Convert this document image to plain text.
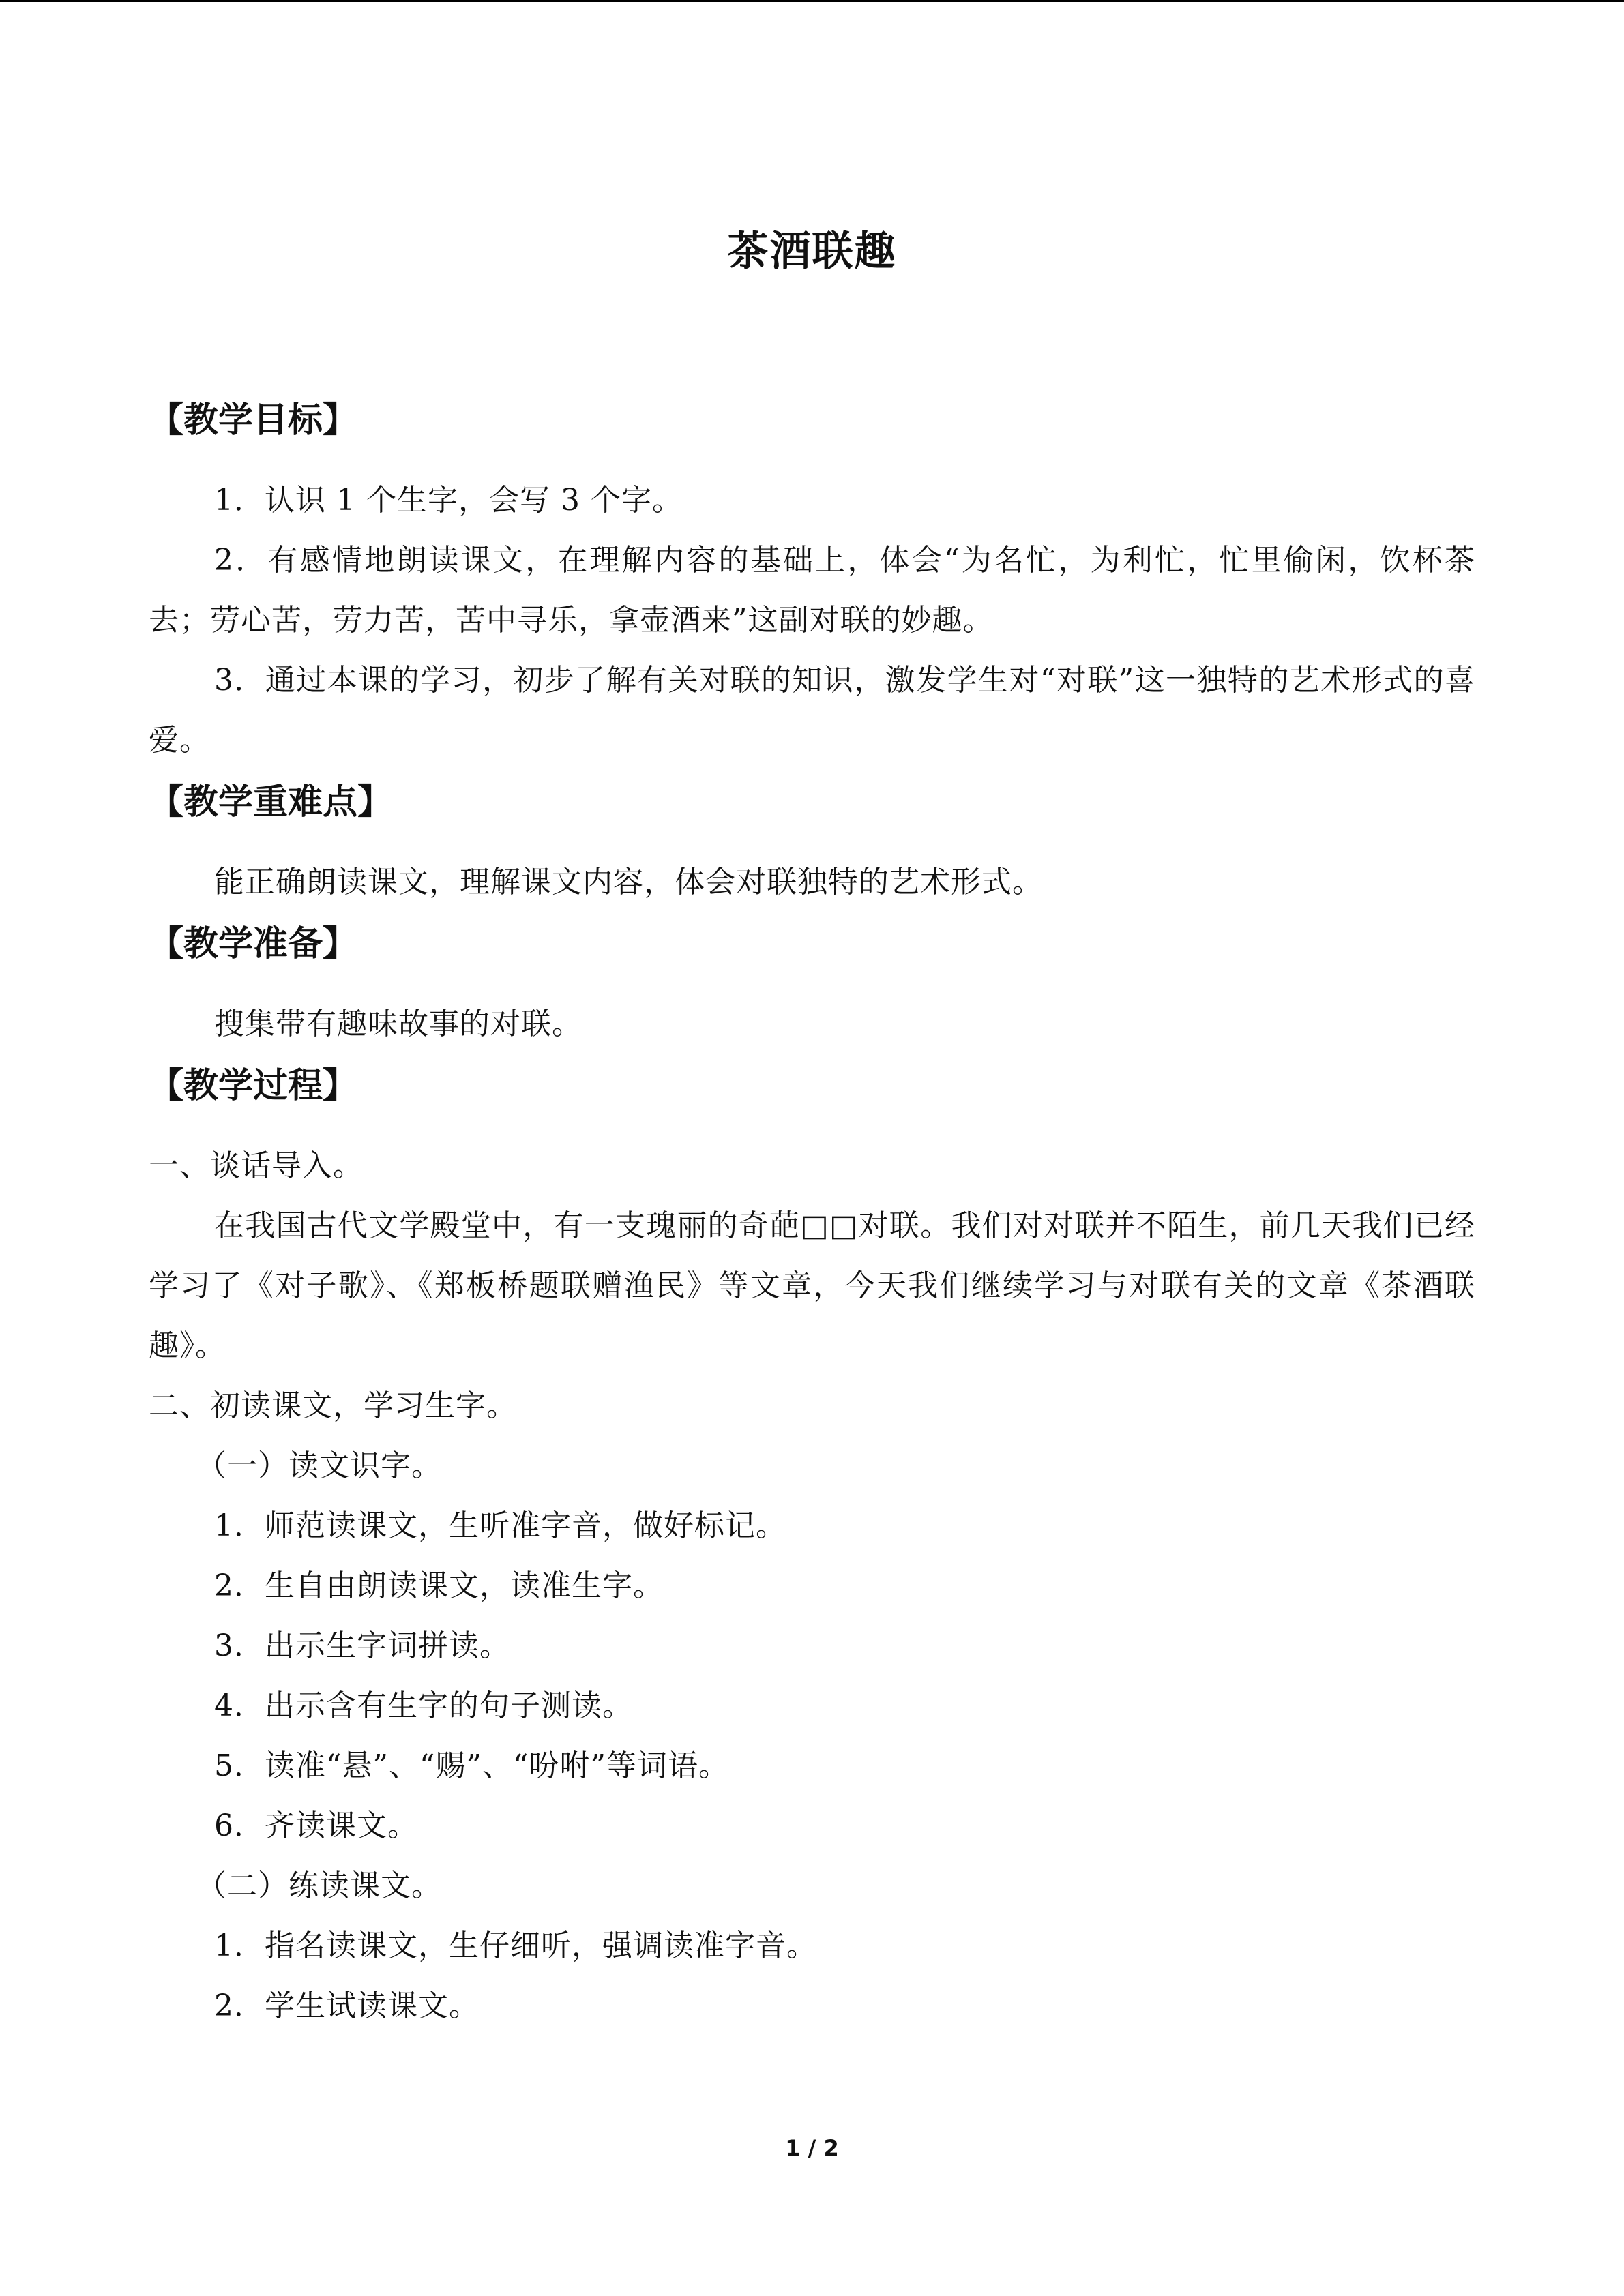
茶酒联趣

【教学目标】

1．认识 1 个生字，会写 3 个字。

2．有感情地朗读课文，在理解内容的基础上，体会“为名忙，为利忙，忙里偷闲，饮杯茶去；劳心苦，劳力苦，苦中寻乐，拿壶酒来”这副对联的妙趣。

3．通过本课的学习，初步了解有关对联的知识，激发学生对“对联”这一独特的艺术形式的喜爱。

【教学重难点】

能正确朗读课文，理解课文内容，体会对联独特的艺术形式。

【教学准备】

搜集带有趣味故事的对联。

【教学过程】

一、谈话导入。

在我国古代文学殿堂中，有一支瑰丽的奇葩□□对联。我们对对联并不陌生，前几天我们已经学习了《对子歌》、《郑板桥题联赠渔民》等文章，今天我们继续学习与对联有关的文章《茶酒联趣》。

二、初读课文，学习生字。

（一）读文识字。

1．师范读课文，生听准字音，做好标记。

2．生自由朗读课文，读准生字。

3．出示生字词拼读。

4．出示含有生字的句子测读。

5．读准“悬”、“赐”、“吩咐”等词语。

6．齐读课文。

（二）练读课文。

1．指名读课文，生仔细听，强调读准字音。

2．学生试读课文。

1 / 2
